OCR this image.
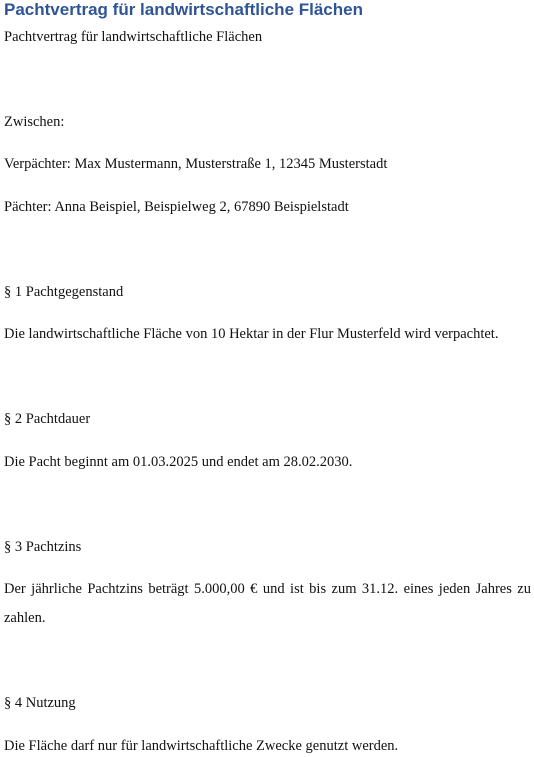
Pachtvertrag für landwirtschaftliche Flächen
Pachtvertrag für landwirtschaftliche Flächen
Zwischen:
Verpächter: Max Mustermann, Musterstraße 1, 12345 Musterstadt
Pächter: Anna Beispiel, Beispielweg 2, 67890 Beispielstadt
§ 1 Pachtgegenstand
Die landwirtschaftliche Fläche von 10 Hektar in der Flur Musterfeld wird verpachtet.
§ 2 Pachtdauer
Die Pacht beginnt am 01.03.2025 und endet am 28.02.2030.
§ 3 Pachtzins
Der jährliche Pachtzins beträgt 5.000,00 € und ist bis zum 31.12. eines jeden Jahres zu
zahlen.
§ 4 Nutzung
Die Fläche darf nur für landwirtschaftliche Zwecke genutzt werden.
